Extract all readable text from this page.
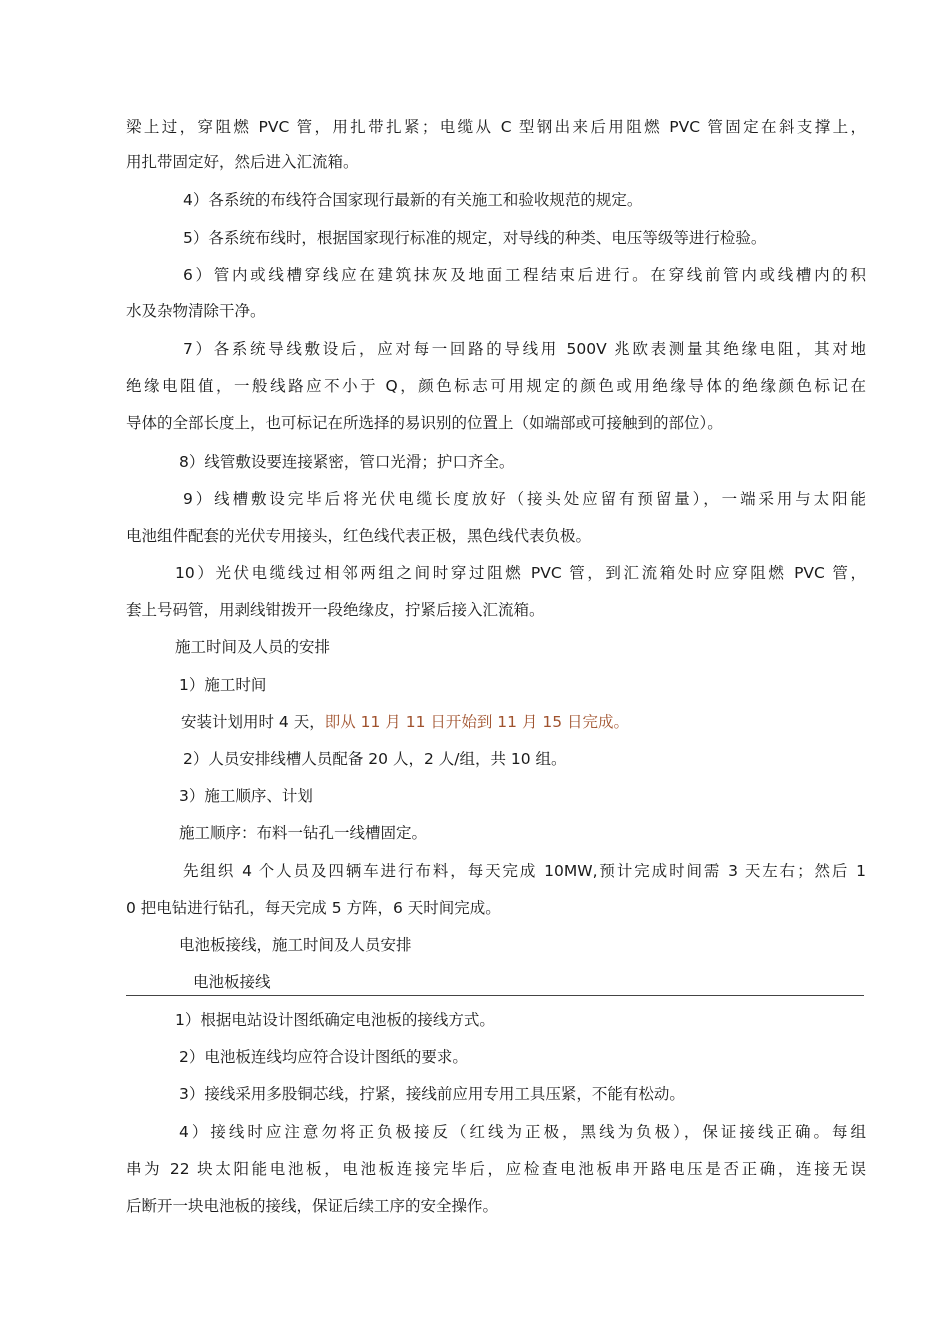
梁上过，穿阻燃 PVC 管，用扎带扎紧；电缆从 C 型钢出来后用阻燃 PVC 管固定在斜支撑上，
用扎带固定好，然后进入汇流箱。
4）各系统的布线符合国家现行最新的有关施工和验收规范的规定。
5）各系统布线时，根据国家现行标准的规定，对导线的种类、电压等级等进行检验。
6）管内或线槽穿线应在建筑抹灰及地面工程结束后进行。在穿线前管内或线槽内的积
水及杂物清除干净。
7）各系统导线敷设后，应对每一回路的导线用 500V 兆欧表测量其绝缘电阻，其对地
绝缘电阻值，一般线路应不小于 Q，颜色标志可用规定的颜色或用绝缘导体的绝缘颜色标记在
导体的全部长度上，也可标记在所选择的易识别的位置上（如端部或可接触到的部位）。
8）线管敷设要连接紧密，管口光滑；护口齐全。
9）线槽敷设完毕后将光伏电缆长度放好（接头处应留有预留量），一端采用与太阳能
电池组件配套的光伏专用接头，红色线代表正极，黑色线代表负极。
10）光伏电缆线过相邻两组之间时穿过阻燃 PVC 管，到汇流箱处时应穿阻燃 PVC 管，
套上号码管，用剥线钳拨开一段绝缘皮，拧紧后接入汇流箱。
施工时间及人员的安排
1）施工时间
安装计划用时 4 天，即从 11 月 11 日开始到 11 月 15 日完成。
2）人员安排线槽人员配备 20 人，2 人/组，共 10 组。
3）施工顺序、计划
施工顺序：布料一钻孔一线槽固定。
先组织 4 个人员及四辆车进行布料，每天完成 10MW,预计完成时间需 3 天左右；然后 1
0 把电钻进行钻孔，每天完成 5 方阵，6 天时间完成。
电池板接线，施工时间及人员安排
电池板接线
1）根据电站设计图纸确定电池板的接线方式。
2）电池板连线均应符合设计图纸的要求。
3）接线采用多股铜芯线，拧紧，接线前应用专用工具压紧，不能有松动。
4）接线时应注意勿将正负极接反（红线为正极，黑线为负极），保证接线正确。每组
串为 22 块太阳能电池板，电池板连接完毕后，应检查电池板串开路电压是否正确，连接无误
后断开一块电池板的接线，保证后续工序的安全操作。
